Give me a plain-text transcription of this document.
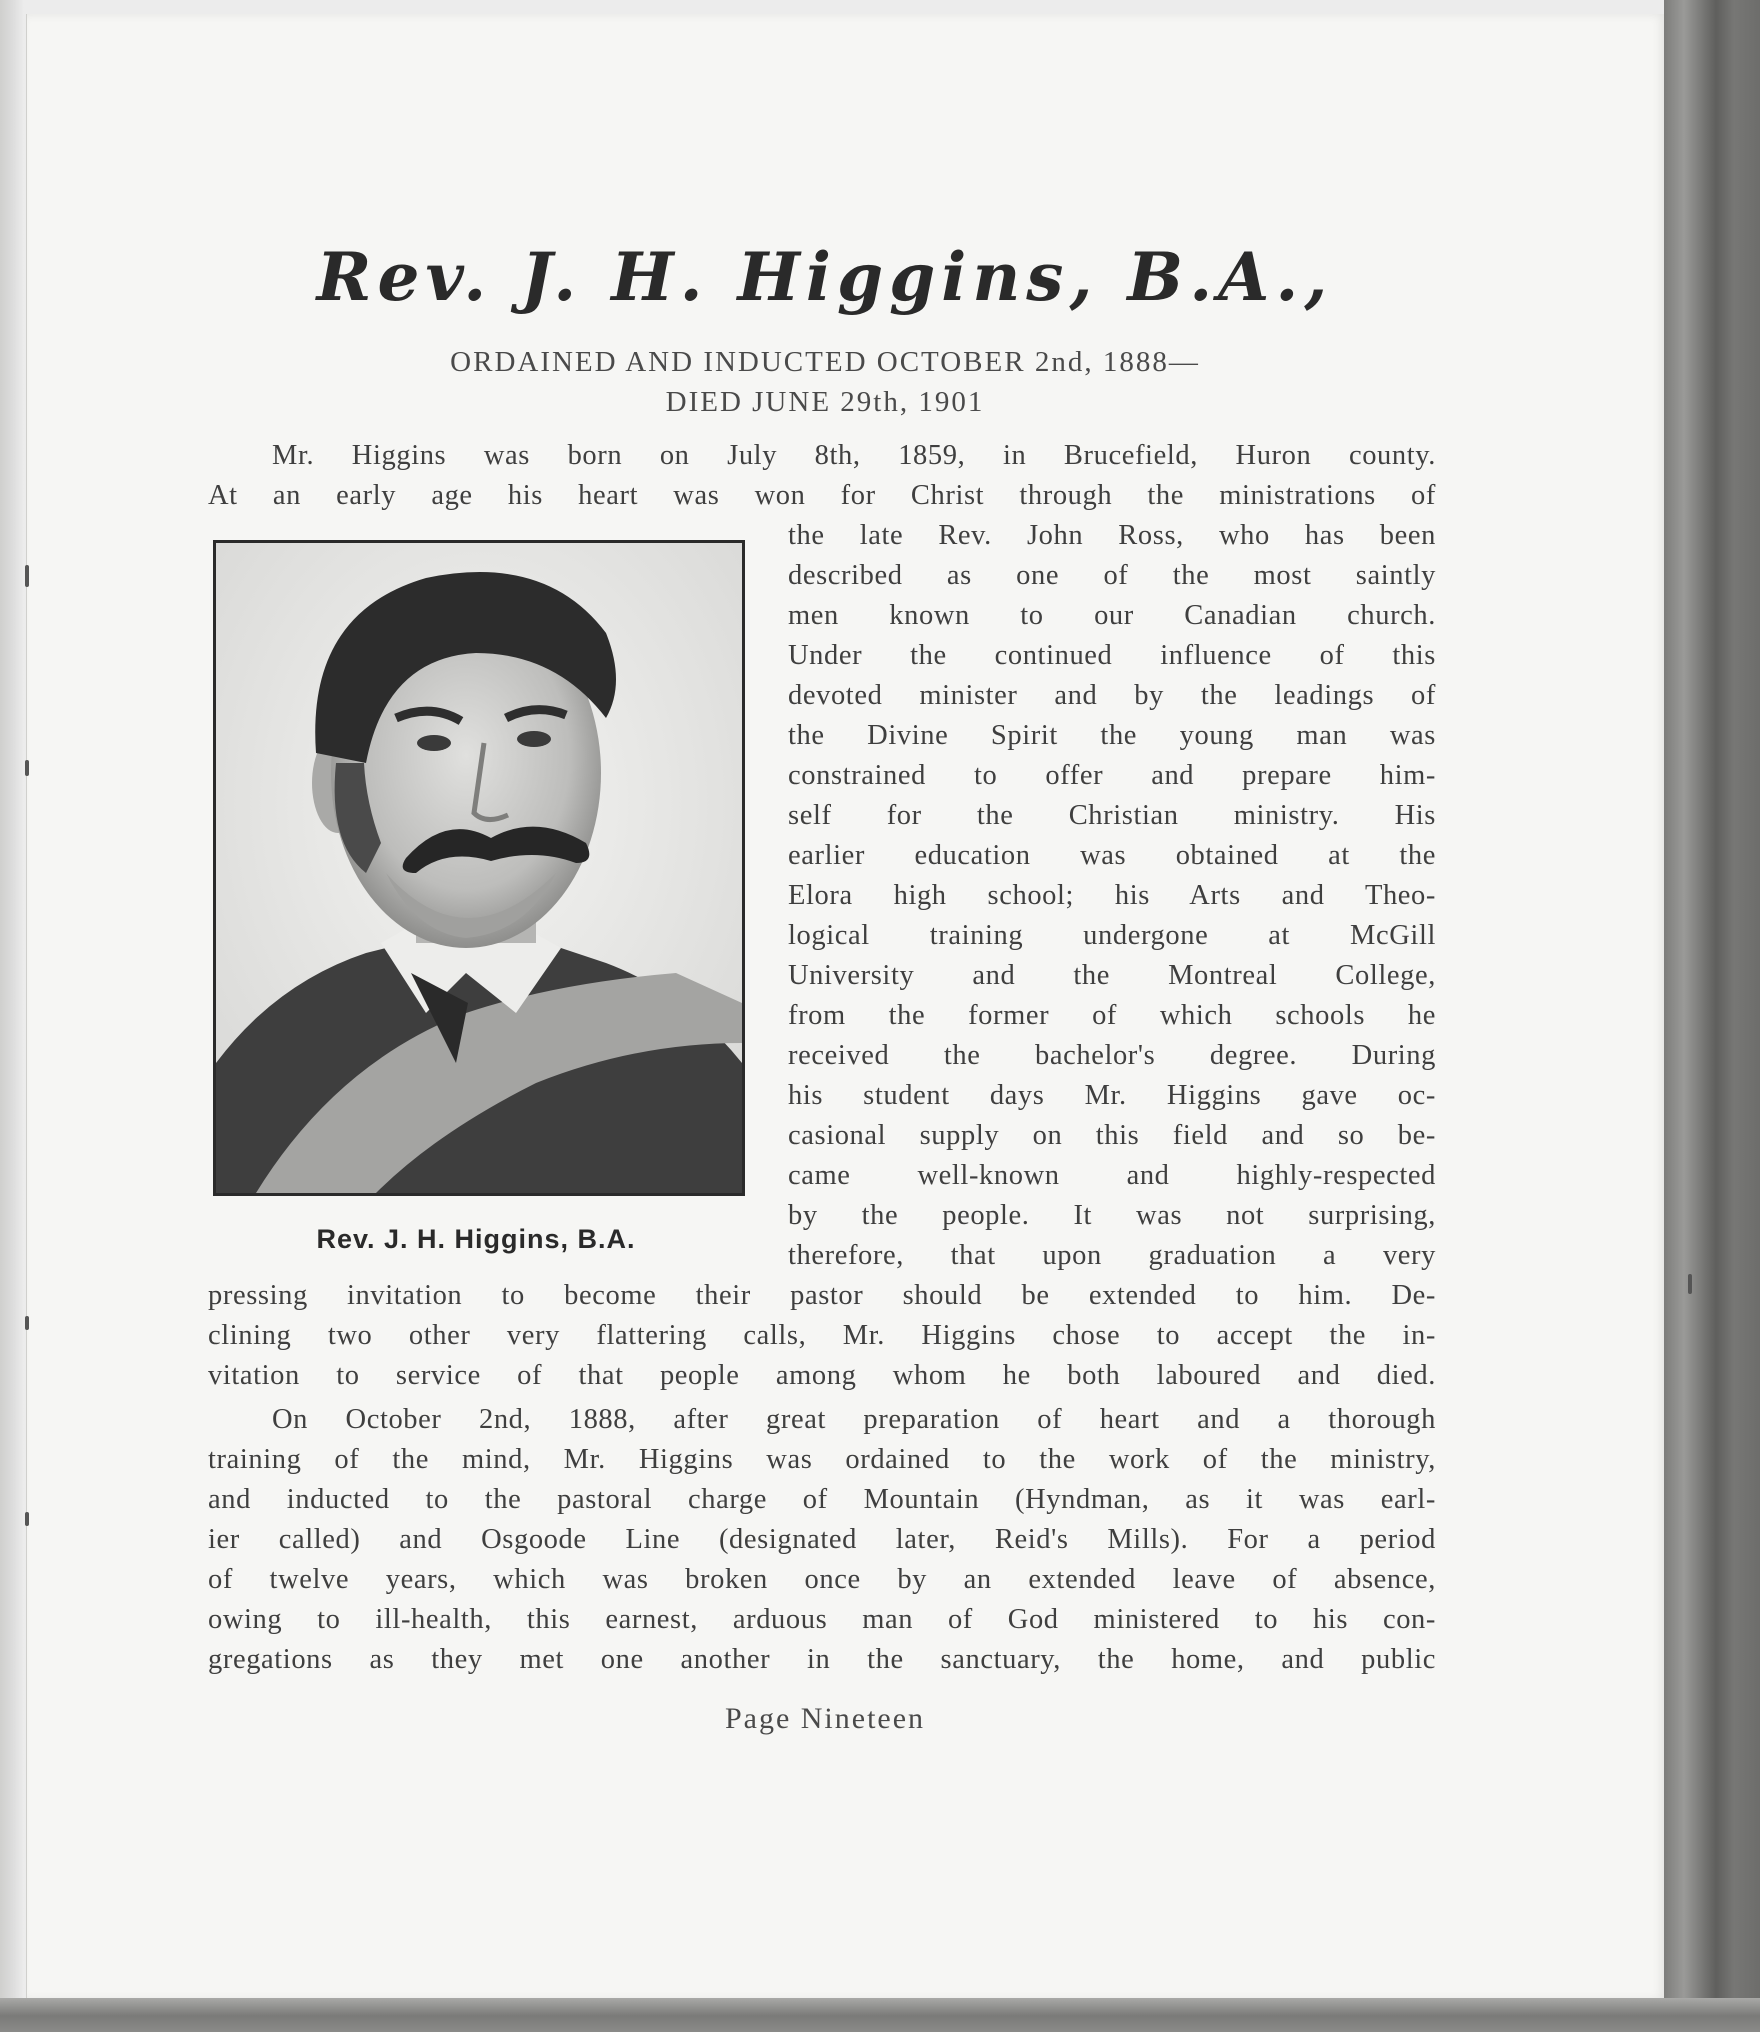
Rev. J. H. Higgins, B.A.,
ORDAINED AND INDUCTED OCTOBER 2nd, 1888—
DIED JUNE 29th, 1901
Rev. J. H. Higgins, B.A.
Mr. Higgins was born on July 8th, 1859, in Brucefield, Huron county.
At an early age his heart was won for Christ through the ministrations of
the late Rev. John Ross, who has been
described as one of the most saintly
men known to our Canadian church.
Under the continued influence of this
devoted minister and by the leadings of
the Divine Spirit the young man was
constrained to offer and prepare him-
self for the Christian ministry. His
earlier education was obtained at the
Elora high school; his Arts and Theo-
logical training undergone at McGill
University and the Montreal College,
from the former of which schools he
received the bachelor's degree. During
his student days Mr. Higgins gave oc-
casional supply on this field and so be-
came well-known and highly-respected
by the people. It was not surprising,
therefore, that upon graduation a very
pressing invitation to become their pastor should be extended to him. De-
clining two other very flattering calls, Mr. Higgins chose to accept the in-
vitation to service of that people among whom he both laboured and died.
On October 2nd, 1888, after great preparation of heart and a thorough
training of the mind, Mr. Higgins was ordained to the work of the ministry,
and inducted to the pastoral charge of Mountain (Hyndman, as it was earl-
ier called) and Osgoode Line (designated later, Reid's Mills). For a period
of twelve years, which was broken once by an extended leave of absence,
owing to ill-health, this earnest, arduous man of God ministered to his con-
gregations as they met one another in the sanctuary, the home, and public
Page Nineteen
